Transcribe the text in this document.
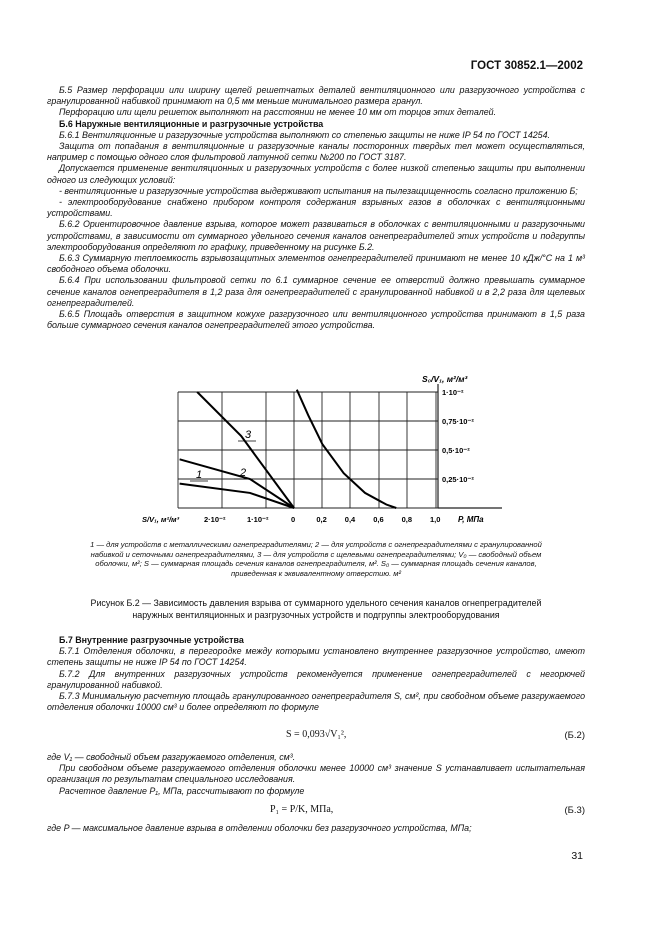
ГОСТ 30852.1—2002

Б.5 Размер перфорации или ширину щелей решетчатых деталей вентиляционного или разгрузочного устройства с гранулированной набивкой принимают на 0,5 мм меньше минимального размера гранул.

Перфорацию или щели решеток выполняют на расстоянии не менее 10 мм от торцов этих деталей.

Б.6 Наружные вентиляционные и разгрузочные устройства

Б.6.1 Вентиляционные и разгрузочные устройства выполняют со степенью защиты не ниже IP 54 по ГОСТ 14254.

Защита от попадания в вентиляционные и разгрузочные каналы посторонних твердых тел может осуществляться, например с помощью одного слоя фильтровой латунной сетки №200 по ГОСТ 3187.

Допускается применение вентиляционных и разгрузочных устройств с более низкой степенью защиты при выполнении одного из следующих условий:

- вентиляционные и разгрузочные устройства выдерживают испытания на пылезащищенность согласно приложению Б;

- электрооборудование снабжено прибором контроля содержания взрывных газов в оболочках с вентиляционными устройствами.

Б.6.2 Ориентировочное давление взрыва, которое может развиваться в оболочках с вентиляционными и разгрузочными устройствами, в зависимости от суммарного удельного сечения каналов огнепреградителей этих устройств и подгруппы электрооборудования определяют по графику, приведенному на рисунке Б.2.

Б.6.3 Суммарную теплоемкость взрывозащитных элементов огнепреградителей принимают не менее 10 кДж/°С на 1 м³ свободного объема оболочки.

Б.6.4 При использовании фильтровой сетки по 6.1 суммарное сечение ее отверстий должно превышать суммарное сечение каналов огнепреградителя в 1,2 раза для огнепреградителей с гранулированной набивкой и в 2,2 раза для щелевых огнепреградителей.

Б.6.5 Площадь отверстия в защитном кожухе разгрузочного или вентиляционного устройства принимают в 1,5 раза больше суммарного сечения каналов огнепреградителей этого устройства.

1	2
3
1·10⁻²
0,75·10⁻²
0,5·10⁻²
0,25·10⁻²
S₀/V₁, м²/м³
0	0,2 0,4 0,6 0,8 1,0 P, МПа
2·10⁻²	1·10⁻²
S/V₁, м²/м³
1 — для устройств с металлическими огнепреградителями; 2 — для устройств с огнепреградителями с гранулированной
набивкой и сеточными огнепреградителями, 3 — для устройств с щелевыми огнепреградителями; V₀ — свободный объем
оболочки, м²; S — суммарная площадь сечения каналов огнепреградителя, м². S₀ — суммарная площадь сечения каналов,
приведенная к эквивалентному отверстию. м²
Рисунок Б.2 — Зависимость давления взрыва от суммарного удельного сечения каналов огнепреградителей
наружных вентиляционных и разгрузочных устройств и подгруппы электрооборудования
Б.7 Внутренние разгрузочные устройства

Б.7.1 Отделения оболочки, в перегородке между которыми установлено внутреннее разгрузочное устройство, имеют степень защиты не ниже IP 54 по ГОСТ 14254.

Б.7.2 Для внутренних разгрузочных устройств рекомендуется применение огнепреградителей с негорючей гранулированной набивкой.

Б.7.3 Минимальную расчетную площадь гранулированного огнепреградителя S, см², при свободном объеме разгружаемого отделения оболочки 10000 см³ и более определяют по формуле

S = 0,093√V₁²,	(Б.2)

где V₁ — свободный объем разгружаемого отделения, см³.

При свободном объеме разгружаемого отделения оболочки менее 10000 см³ значение S устанавливает испытательная организация по результатам специального исследования.

Расчетное давление P₁, МПа, рассчитывают по формуле

P₁ = P/K, МПа,	(Б.3)

где P — максимальное давление взрыва в отделении оболочки без разгрузочного устройства, МПа;

31
